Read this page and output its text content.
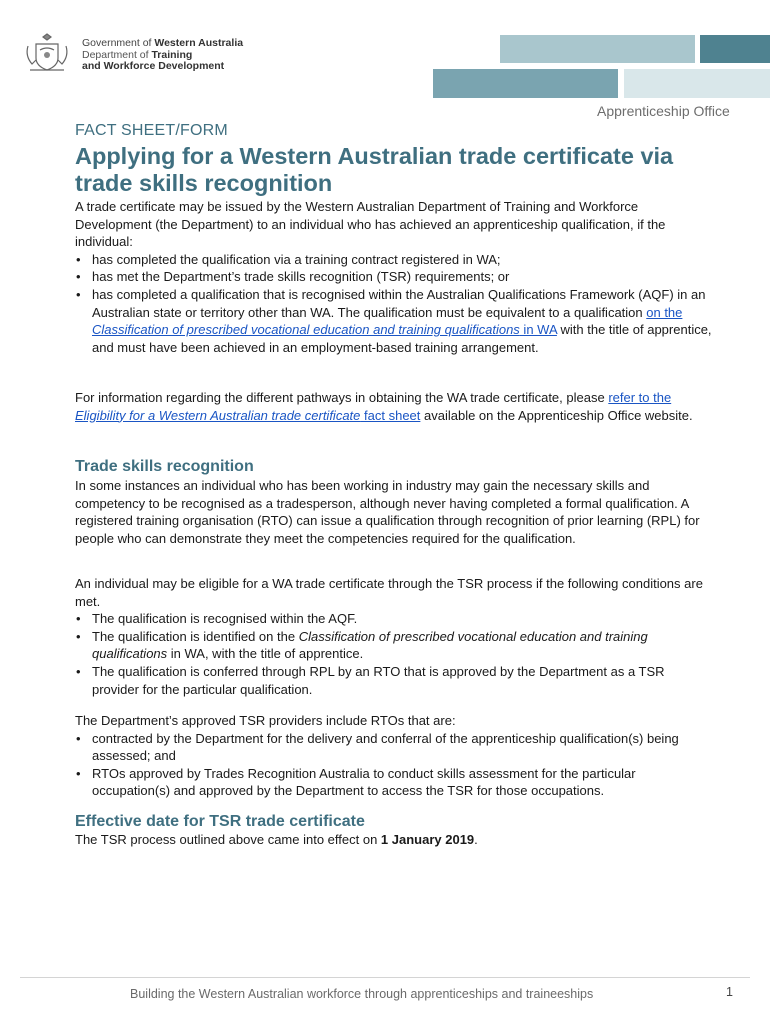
Government of Western Australia
Department of Training
and Workforce Development
Apprenticeship Office
FACT SHEET/FORM
Applying for a Western Australian trade certificate via trade skills recognition

A trade certificate may be issued by the Western Australian Department of Training and Workforce Development (the Department) to an individual who has achieved an apprenticeship qualification, if the individual:

• has completed the qualification via a training contract registered in WA;
• has met the Department’s trade skills recognition (TSR) requirements; or
• has completed a qualification that is recognised within the Australian Qualifications Framework (AQF) in an Australian state or territory other than WA. The qualification must be equivalent to a qualification on the Classification of prescribed vocational education and training qualifications in WA with the title of apprentice, and must have been achieved in an employment-based training arrangement.

For information regarding the different pathways in obtaining the WA trade certificate, please refer to the Eligibility for a Western Australian trade certificate fact sheet available on the Apprenticeship Office website.

Trade skills recognition

In some instances an individual who has been working in industry may gain the necessary skills and competency to be recognised as a tradesperson, although never having completed a formal qualification. A registered training organisation (RTO) can issue a qualification through recognition of prior learning (RPL) for people who can demonstrate they meet the competencies required for the qualification.

An individual may be eligible for a WA trade certificate through the TSR process if the following conditions are met.

• The qualification is recognised within the AQF.
• The qualification is identified on the Classification of prescribed vocational education and training qualifications in WA, with the title of apprentice.
• The qualification is conferred through RPL by an RTO that is approved by the Department as a TSR provider for the particular qualification.

The Department’s approved TSR providers include RTOs that are:

• contracted by the Department for the delivery and conferral of the apprenticeship qualification(s) being assessed; and
• RTOs approved by Trades Recognition Australia to conduct skills assessment for the particular occupation(s) and approved by the Department to access the TSR for those occupations.
Effective date for TSR trade certificate

The TSR process outlined above came into effect on 1 January 2019.

Building the Western Australian workforce through apprenticeships and traineeships	1
